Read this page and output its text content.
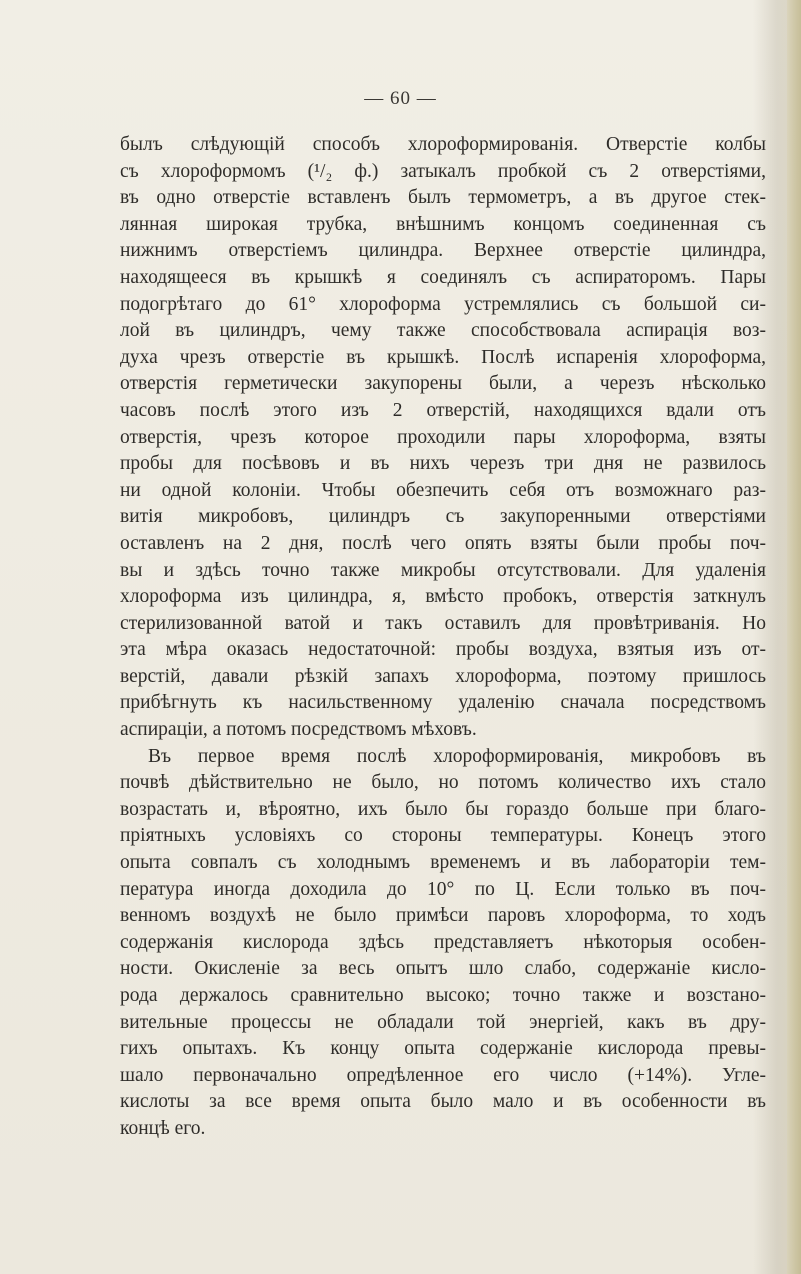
— 60 —
былъ слѣдующій способъ хлороформированія. Отверстіе колбы
съ хлороформомъ (¹/₂ ф.) затыкалъ пробкой съ 2 отверстіями,
въ одно отверстіе вставленъ былъ термометръ, а въ другое стек-
лянная широкая трубка, внѣшнимъ концомъ соединенная съ
нижнимъ отверстіемъ цилиндра. Верхнее отверстіе цилиндра,
находящееся въ крышкѣ я соединялъ съ аспираторомъ. Пары
подогрѣтаго до 61° хлороформа устремлялись съ большой си-
лой въ цилиндръ, чему также способствовала аспирація воз-
духа чрезъ отверстіе въ крышкѣ. Послѣ испаренія хлороформа,
отверстія герметически закупорены были, а черезъ нѣсколько
часовъ послѣ этого изъ 2 отверстій, находящихся вдали отъ
отверстія, чрезъ которое проходили пары хлороформа, взяты
пробы для посѣвовъ и въ нихъ черезъ три дня не развилось
ни одной колоніи. Чтобы обезпечить себя отъ возможнаго раз-
витія микробовъ, цилиндръ съ закупоренными отверстіями
оставленъ на 2 дня, послѣ чего опять взяты были пробы поч-
вы и здѣсь точно также микробы отсутствовали. Для удаленія
хлороформа изъ цилиндра, я, вмѣсто пробокъ, отверстія заткнулъ
стерилизованной ватой и такъ оставилъ для провѣтриванія. Но
эта мѣра оказась недостаточной: пробы воздуха, взятыя изъ от-
верстій, давали рѣзкій запахъ хлороформа, поэтому пришлось
прибѣгнуть къ насильственному удаленію сначала посредствомъ
аспираціи, а потомъ посредствомъ мѣховъ.
Въ первое время послѣ хлороформированія, микробовъ въ
почвѣ дѣйствительно не было, но потомъ количество ихъ стало
возрастать и, вѣроятно, ихъ было бы гораздо больше при благо-
пріятныхъ условіяхъ со стороны температуры. Конецъ этого
опыта совпалъ съ холоднымъ временемъ и въ лабораторіи тем-
пература иногда доходила до 10° по Ц. Если только въ поч-
венномъ воздухѣ не было примѣси паровъ хлороформа, то ходъ
содержанія кислорода здѣсь представляетъ нѣкоторыя особен-
ности. Окисленіе за весь опытъ шло слабо, содержаніе кисло-
рода держалось сравнительно высоко; точно также и возстано-
вительные процессы не обладали той энергіей, какъ въ дру-
гихъ опытахъ. Къ концу опыта содержаніе кислорода превы-
шало первоначально опредѣленное его число (+14%). Угле-
кислоты за все время опыта было мало и въ особенности въ
концѣ его.
